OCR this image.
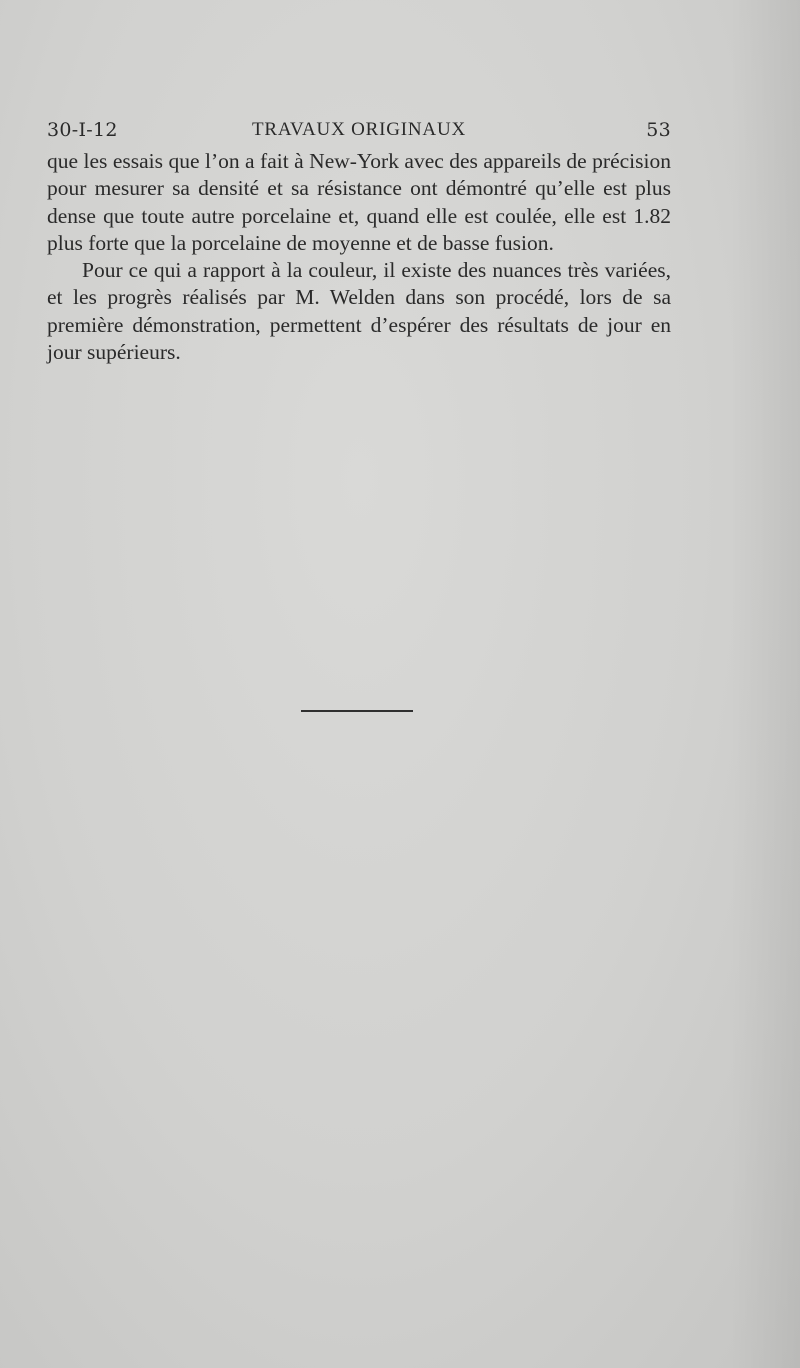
30-I-12	TRAVAUX ORIGINAUX	53

que les essais que l’on a fait à New-York avec des appareils de précision pour mesurer sa densité et sa résistance ont démontré qu’elle est plus dense que toute autre porcelaine et, quand elle est coulée, elle est 1.82 plus forte que la porcelaine de moyenne et de basse fusion.

Pour ce qui a rapport à la couleur, il existe des nuances très variées, et les progrès réalisés par M. Welden dans son procédé, lors de sa première démonstration, permettent d’espérer des résultats de jour en jour supérieurs.
